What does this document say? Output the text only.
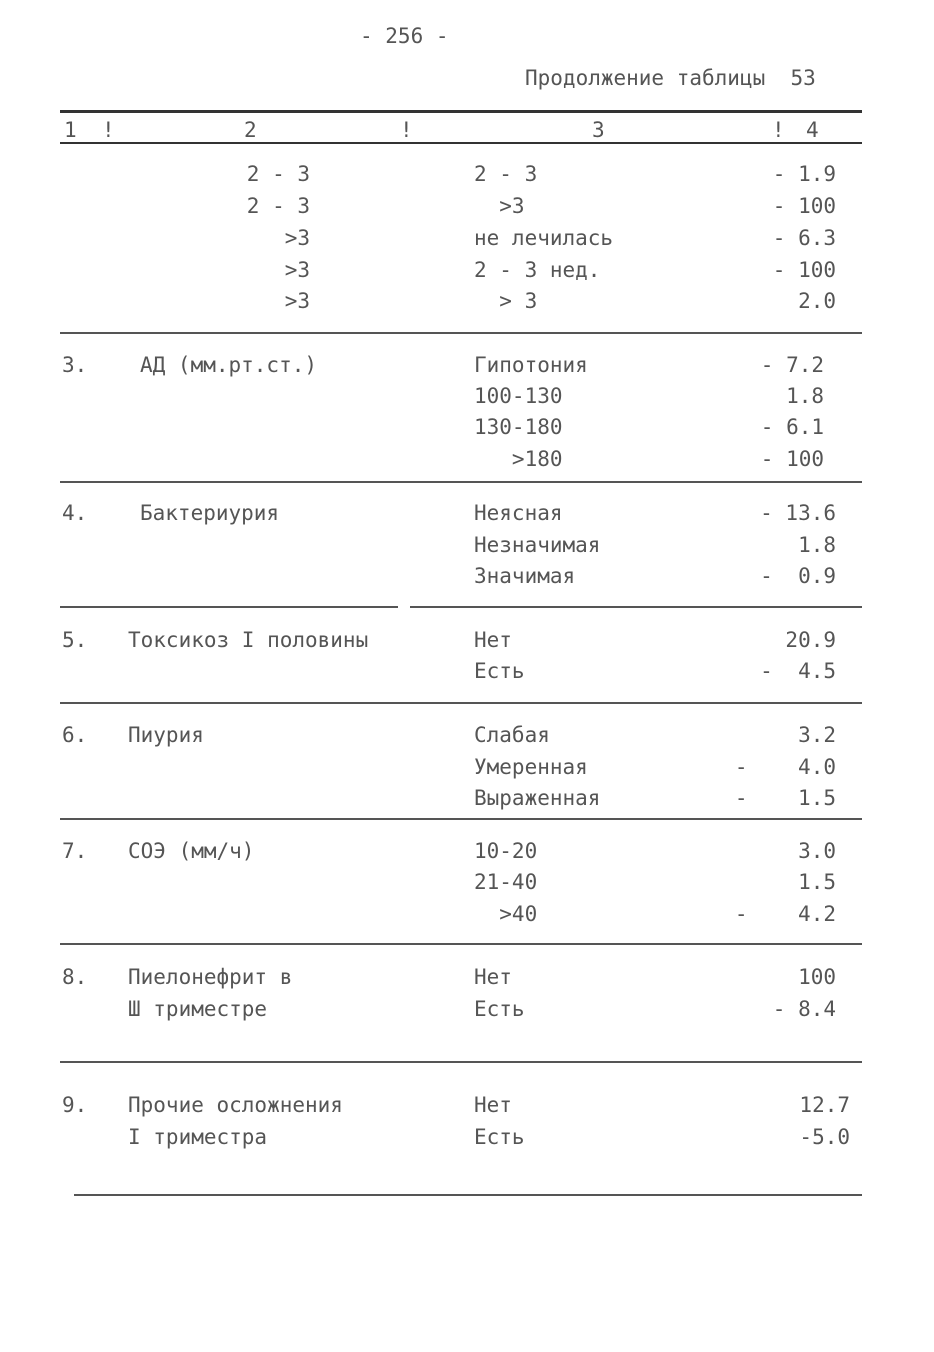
- 256 -
Продолжение таблицы  53
1 !	2	!	3	! 4
2 - 3	2 - 3	- 1.9
2 - 3	>3	- 100
>3	не лечилась	- 6.3
>3	2 - 3 нед.	- 100
>3	> 3	2.0
3.	АД (мм.рт.ст.)	Гипотония	- 7.2
100-130	1.8
130-180	- 6.1
>180	- 100
4.	Бактериурия	Неясная	- 13.6
Незначимая	1.8
Значимая	-  0.9
5. Токсикоз I половины	Нет	20.9
Есть	-  4.5
6. Пиурия	Слабая	3.2
Умеренная	-    4.0
Выраженная	-    1.5
7. СОЭ (мм/ч)	10-20	3.0
21-40	1.5
>40	-    4.2
8. Пиелонефрит в
Ш триместре
Нет	100
Есть	- 8.4
9. Прочие осложнения
I триместра
Нет	12.7
Есть	-5.0
